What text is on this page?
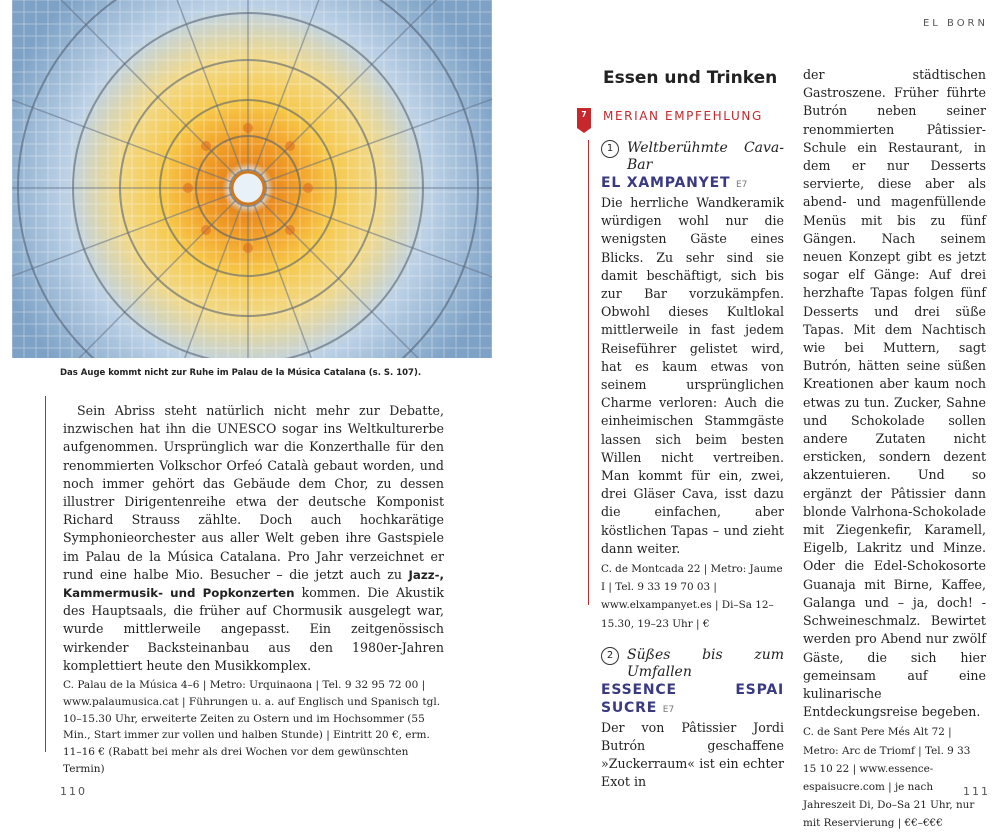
EL BORN
Das Auge kommt nicht zur Ruhe im Palau de la Música Catalana (s. S. 107).

Sein Abriss steht natürlich nicht mehr zur Debatte, inzwischen hat ihn die UNESCO sogar ins Weltkulturerbe aufgenommen. Ursprünglich war die Konzerthalle für den renommierten Volkschor Orfeó Català gebaut worden, und noch immer gehört das Gebäude dem Chor, zu dessen illustrer Dirigentenreihe etwa der deutsche Komponist Richard Strauss zählte. Doch auch hochkarätige Symphonieorchester aus aller Welt geben ihre Gastspiele im Palau de la Música Catalana. Pro Jahr verzeichnet er rund eine halbe Mio. Besucher – die jetzt auch zu Jazz-, Kammermusik- und Popkonzerten kommen. Die Akustik des Hauptsaals, die früher auf Chormusik ausgelegt war, wurde mittlerweile angepasst. Ein zeitgenössisch wirkender Backsteinanbau aus den 1980er-Jahren komplettiert heute den Musikkomplex.

C. Palau de la Música 4–6 | Metro: Urquinaona | Tel. 9 32 95 72 00 | www.palaumusica.cat | Führungen u. a. auf Englisch und Spanisch tgl. 10–15.30 Uhr, erweiterte Zeiten zu Ostern und im Hochsommer (55 Min., Start immer zur vollen und halben Stunde) | Eintritt 20 €, erm. 11–16 € (Rabatt bei mehr als drei Wochen vor dem gewünschten Termin)
Essen und Trinken
7	MERIAN EMPFEHLUNG
1 Weltberühmte Cava-Bar
EL XAMPANYET E7

Die herrliche Wandkeramik würdigen wohl nur die wenigsten Gäste eines Blicks. Zu sehr sind sie damit beschäftigt, sich bis zur Bar vorzukämpfen. Obwohl dieses Kultlokal mittlerweile in fast jedem Reiseführer gelistet wird, hat es kaum etwas von seinem ursprünglichen Charme verloren: Auch die einheimischen Stammgäste lassen sich beim besten Willen nicht vertreiben. Man kommt für ein, zwei, drei Gläser Cava, isst dazu die einfachen, aber köstlichen Tapas – und zieht dann weiter.

C. de Montcada 22 | Metro: Jaume I | Tel. 9 33 19 70 03 | www.elxampanyet.es | Di–Sa 12–15.30, 19–23 Uhr | €
2 Süßes bis zum Umfallen
ESSENCE ESPAI SUCRE E7

Der von Pâtissier Jordi Butrón geschaffene »Zuckerraum« ist ein echter Exot in

der städtischen Gastroszene. Früher führte Butrón neben seiner renommierten Pâtissier-Schule ein Restaurant, in dem er nur Desserts servierte, diese aber als abend- und magenfüllende Menüs mit bis zu fünf Gängen. Nach seinem neuen Konzept gibt es jetzt sogar elf Gänge: Auf drei herzhafte Tapas folgen fünf Desserts und drei süße Tapas. Mit dem Nachtisch wie bei Muttern, sagt Butrón, hätten seine süßen Kreationen aber kaum noch etwas zu tun. Zucker, Sahne und Schokolade sollen andere Zutaten nicht ersticken, sondern dezent akzentuieren. Und so ergänzt der Pâtissier dann blonde Valrhona-Schokolade mit Ziegenkefir, Karamell, Eigelb, Lakritz und Minze. Oder die Edel-Schokosorte Guanaja mit Birne, Kaffee, Galanga und – ja, doch! - Schweineschmalz. Bewirtet werden pro Abend nur zwölf Gäste, die sich hier gemeinsam auf eine kulinarische Entdeckungsreise begeben.

C. de Sant Pere Més Alt 72 | Metro: Arc de Triomf | Tel. 9 33 15 10 22 | www.essence-espaisucre.com | je nach Jahreszeit Di, Do–Sa 21 Uhr, nur mit Reservierung | €€–€€€
110	111
